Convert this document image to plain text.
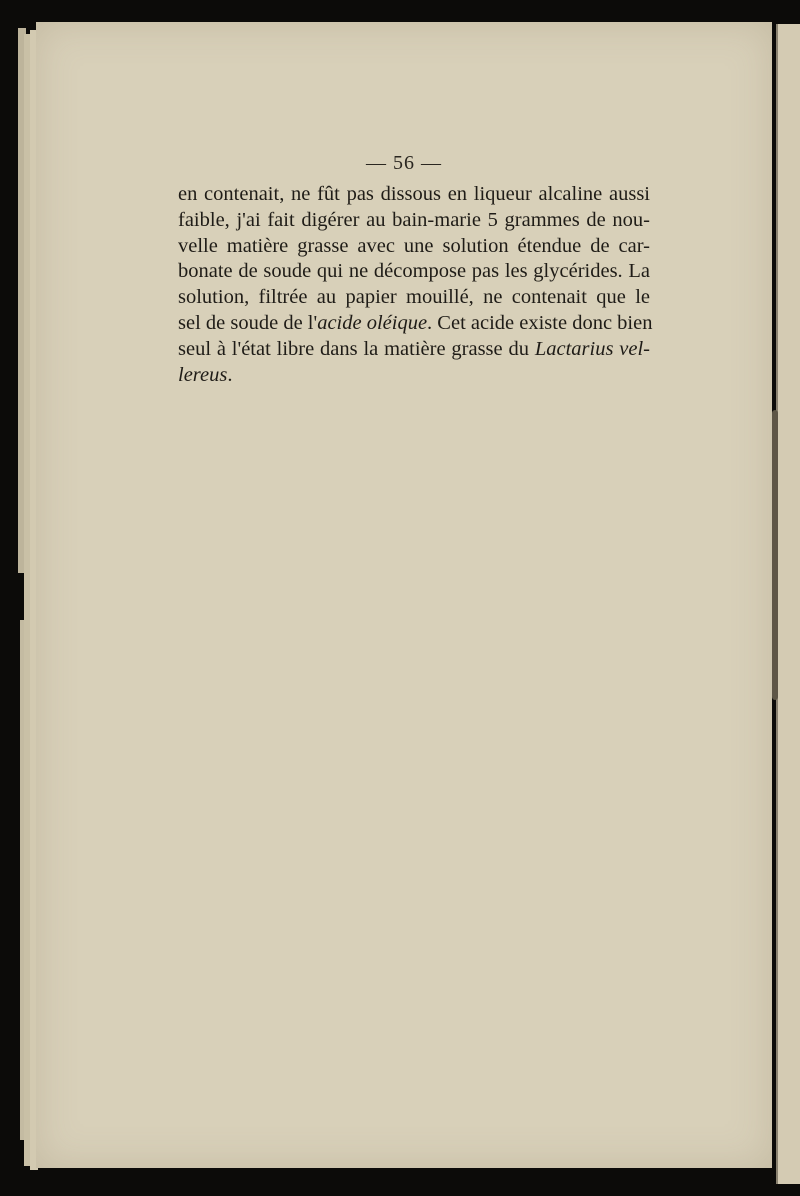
— 56 —
en contenait, ne fût pas dissous en liqueur alcaline aussi
faible, j'ai fait digérer au bain-marie 5 grammes de nou-
velle matière grasse avec une solution étendue de car-
bonate de soude qui ne décompose pas les glycérides. La
solution, filtrée au papier mouillé, ne contenait que le
sel de soude de l'acide oléique. Cet acide existe donc bien
seul à l'état libre dans la matière grasse du Lactarius vel-
lereus.
